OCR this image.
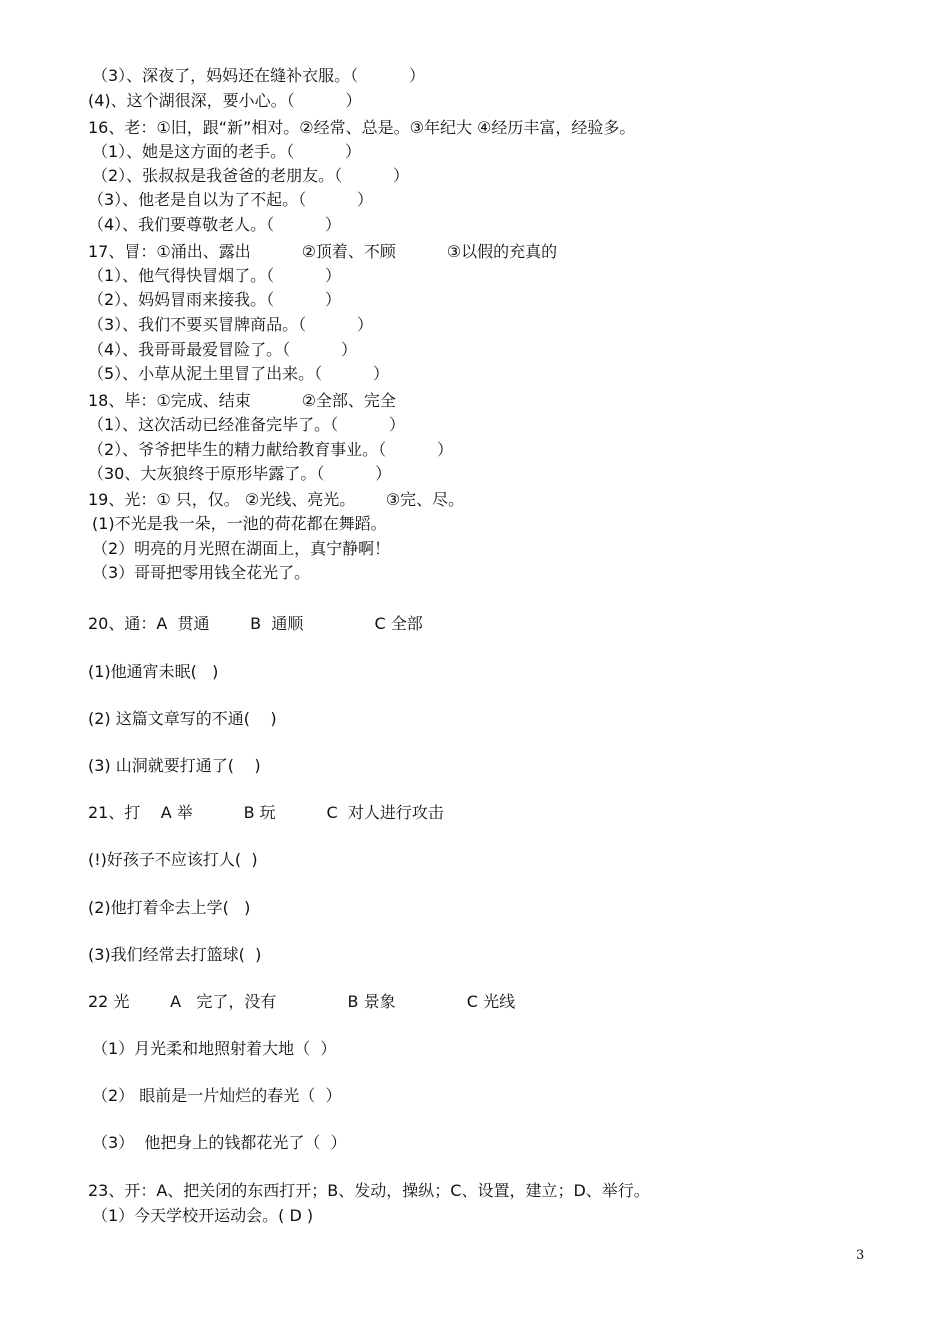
（3）、深夜了，妈妈还在缝补衣服。（          ）
(4)、这个湖很深，要小心。（          ）
16、老：①旧，跟“新”相对。②经常、总是。③年纪大 ④经历丰富，经验多。
（1）、她是这方面的老手。（          ）
（2）、张叔叔是我爸爸的老朋友。（          ）
（3）、他老是自以为了不起。（          ）
（4）、我们要尊敬老人。（          ）
17、冒：①涌出、露出          ②顶着、不顾          ③以假的充真的
（1）、他气得快冒烟了。（          ）
（2）、妈妈冒雨来接我。（          ）
（3）、我们不要买冒牌商品。（          ）
（4）、我哥哥最爱冒险了。（          ）
（5）、小草从泥土里冒了出来。（          ）
18、毕：①完成、结束          ②全部、完全
（1）、这次活动已经准备完毕了。（          ）
（2）、爷爷把毕生的精力献给教育事业。（          ）
（30、大灰狼终于原形毕露了。（          ）
19、光：① 只，仅。 ②光线、亮光。      ③完、尽。
(1)不光是我一朵，一池的荷花都在舞蹈。
（2）明亮的月光照在湖面上，真宁静啊！
（3）哥哥把零用钱全花光了。
20、通：A  贯通        B  通顺              C 全部
(1)他通宵未眠(   )
(2) 这篇文章写的不通(    )
(3) 山洞就要打通了(    )
21、打    A 举          B 玩          C  对人进行攻击
(!)好孩子不应该打人(  )
(2)他打着伞去上学(   )
(3)我们经常去打篮球(  )
22 光        A   完了，没有              B 景象              C 光线
（1）月光柔和地照射着大地（  ）
（2） 眼前是一片灿烂的春光（  ）
（3）  他把身上的钱都花光了（  ）
23、开：A、把关闭的东西打开；B、发动，操纵；C、设置，建立；D、举行。
（1）今天学校开运动会。( D )
3
